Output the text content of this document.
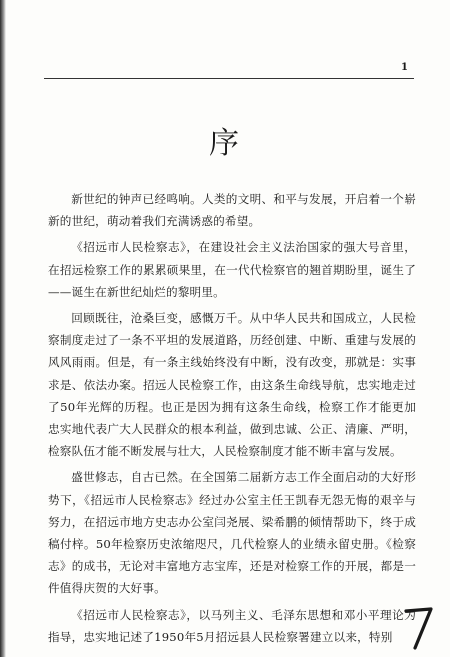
1
序

新世纪的钟声已经鸣响。人类的文明、和平与发展，开启着一个崭新的世纪，萌动着我们充满诱惑的希望。

《招远市人民检察志》，在建设社会主义法治国家的强大号音里，在招远检察工作的累累硕果里，在一代代检察官的翘首期盼里，诞生了——诞生在新世纪灿烂的黎明里。

回顾既往，沧桑巨变，感慨万千。从中华人民共和国成立，人民检察制度走过了一条不平坦的发展道路，历经创建、中断、重建与发展的风风雨雨。但是，有一条主线始终没有中断，没有改变，那就是：实事求是、依法办案。招远人民检察工作，由这条生命线导航，忠实地走过了50年光辉的历程。也正是因为拥有这条生命线，检察工作才能更加忠实地代表广大人民群众的根本利益，做到忠诚、公正、清廉、严明，检察队伍才能不断发展与壮大，人民检察制度才能不断丰富与发展。

盛世修志，自古已然。在全国第二届新方志工作全面启动的大好形势下，《招远市人民检察志》经过办公室主任王凯春无怨无悔的艰辛与努力，在招远市地方史志办公室闫尧展、梁希鹏的倾情帮助下，终于成稿付梓。50年检察历史浓缩咫尺，几代检察人的业绩永留史册。《检察志》的成书，无论对丰富地方志宝库，还是对检察工作的开展，都是一件值得庆贺的大好事。

《招远市人民检察志》，以马列主义、毛泽东思想和邓小平理论为指导，忠实地记述了1950年5月招远县人民检察署建立以来，特别
